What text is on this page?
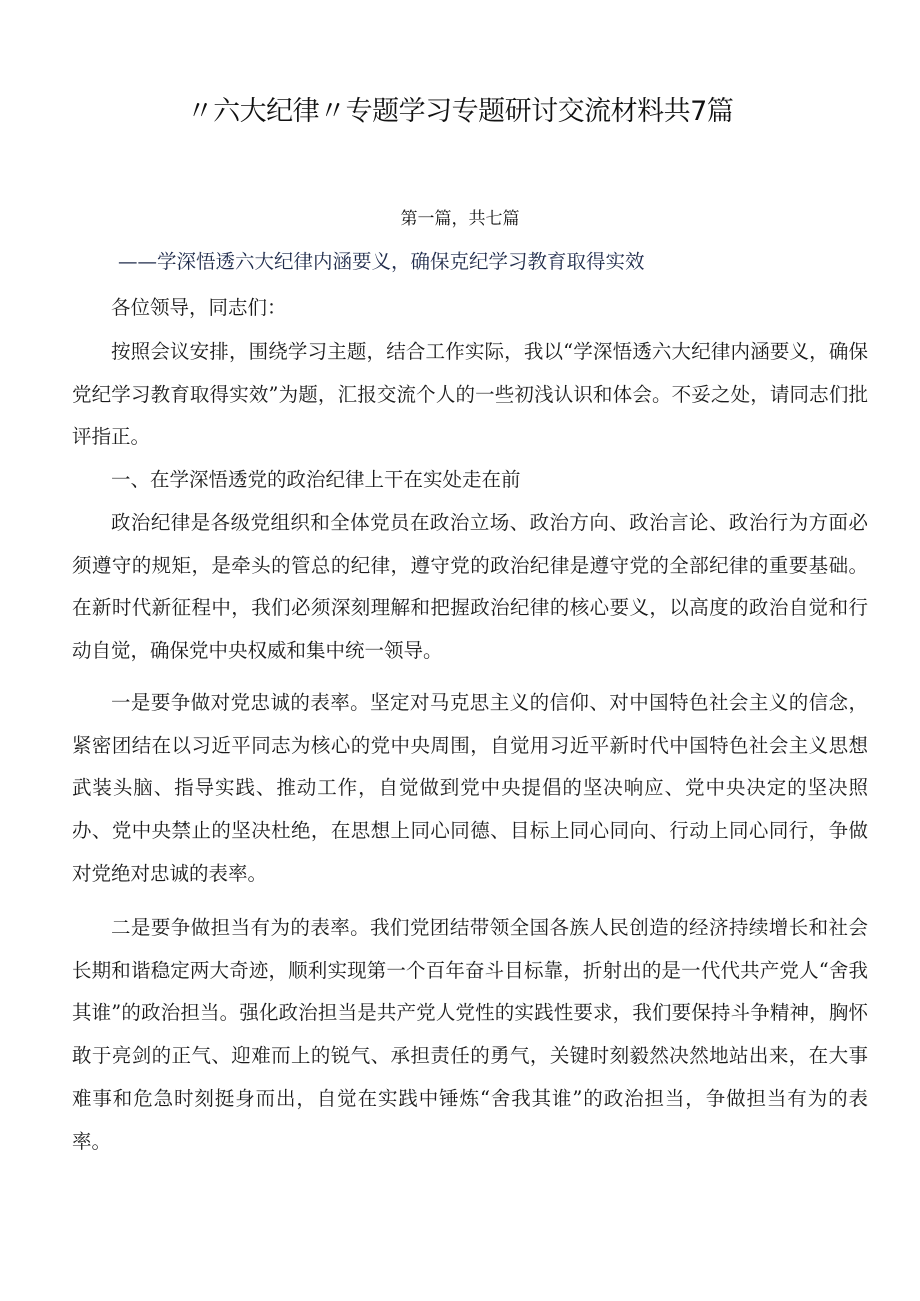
〃六大纪律〃专题学习专题研讨交流材料共7篇
第一篇，共七篇
——学深悟透六大纪律内涵要义，确保克纪学习教育取得实效

各位领导，同志们：

按照会议安排，围绕学习主题，结合工作实际，我以“学深悟透六大纪律内涵要义，确保党纪学习教育取得实效”为题，汇报交流个人的一些初浅认识和体会。不妥之处，请同志们批评指正。

一、在学深悟透党的政治纪律上干在实处走在前

政治纪律是各级党组织和全体党员在政治立场、政治方向、政治言论、政治行为方面必须遵守的规矩，是牵头的管总的纪律，遵守党的政治纪律是遵守党的全部纪律的重要基础。在新时代新征程中，我们必须深刻理解和把握政治纪律的核心要义，以高度的政治自觉和行动自觉，确保党中央权威和集中统一领导。

一是要争做对党忠诚的表率。坚定对马克思主义的信仰、对中国特色社会主义的信念，紧密团结在以习近平同志为核心的党中央周围，自觉用习近平新时代中国特色社会主义思想武装头脑、指导实践、推动工作，自觉做到党中央提倡的坚决响应、党中央决定的坚决照办、党中央禁止的坚决杜绝，在思想上同心同德、目标上同心同向、行动上同心同行，争做对党绝对忠诚的表率。

二是要争做担当有为的表率。我们党团结带领全国各族人民创造的经济持续增长和社会长期和谐稳定两大奇迹，顺利实现第一个百年奋斗目标靠，折射出的是一代代共产党人“舍我其谁”的政治担当。强化政治担当是共产党人党性的实践性要求，我们要保持斗争精神，胸怀敢于亮剑的正气、迎难而上的锐气、承担责任的勇气，关键时刻毅然决然地站出来，在大事难事和危急时刻挺身而出，自觉在实践中锤炼“舍我其谁”的政治担当，争做担当有为的表率。
